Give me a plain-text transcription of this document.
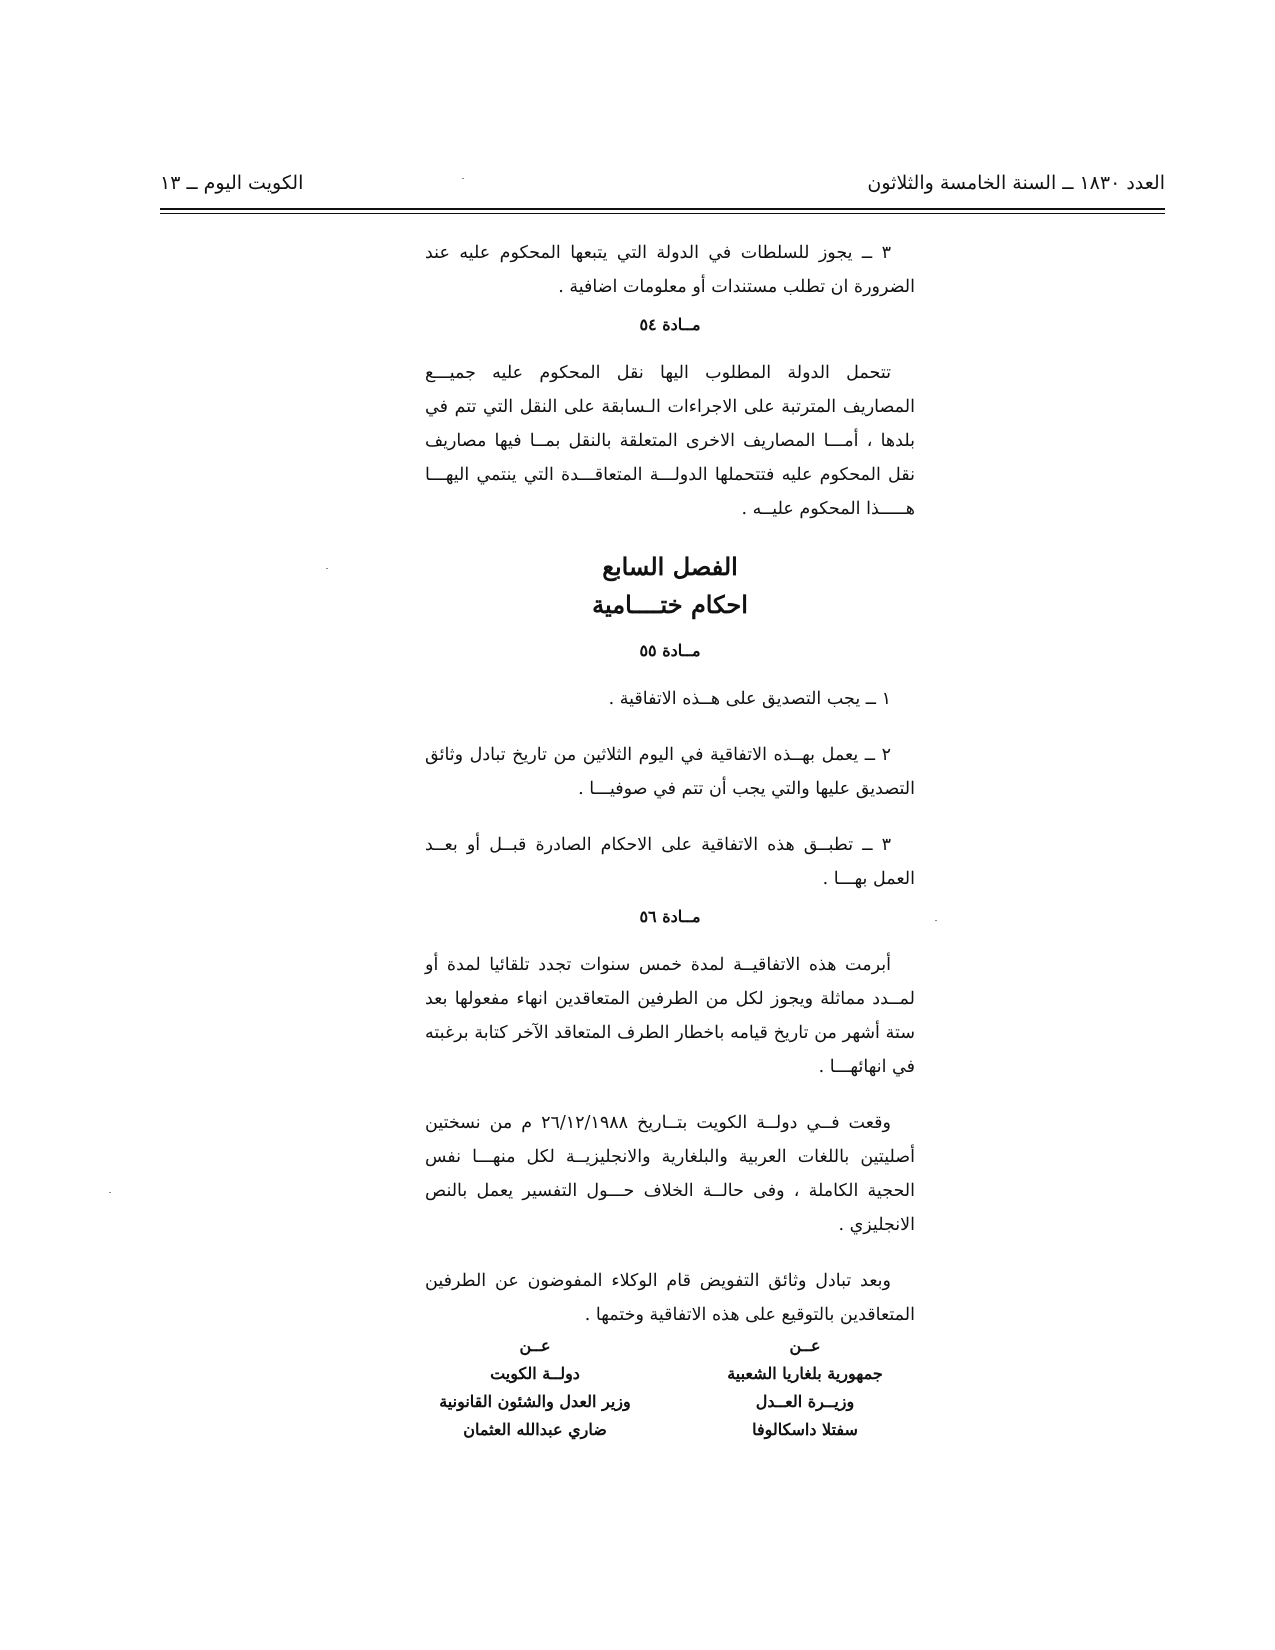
العدد ١٨٣٠ ــ السنة الخامسة والثلاثون
الكويت اليوم ــ ١٣

٣ ــ يجوز للسلطات في الدولة التي يتبعها المحكوم عليه عند الضرورة ان تطلب مستندات أو معلومات اضافية .

مــادة ٥٤

تتحمل الدولة المطلوب اليها نقل المحكوم عليه جميـــع المصاريف المترتبة على الاجراءات الـسابقة على النقل التي تتم في بلدها ، أمـــا المصاريف الاخرى المتعلقة بالنقل بمــا فيها مصاريف نقل المحكوم عليه فتتحملها الدولـــة المتعاقـــدة التي ينتمي اليهـــا هـــــذا المحكوم عليــه .

الفصل السابع

احكام ختــــامية

مــادة ٥٥

١ ــ يجب التصديق على هــذه الاتفاقية .

٢ ــ يعمل بهــذه الاتفاقية في اليوم الثلاثين من تاريخ تبادل وثائق التصديق عليها والتي يجب أن تتم في صوفيـــا .

٣ ــ تطبــق هذه الاتفاقية على الاحكام الصادرة قبــل أو بعــد العمل بهـــا .

مــادة ٥٦

أبرمت هذه الاتفاقيــة لمدة خمس سنوات تجدد تلقائيا لمدة أو لمــدد مماثلة ويجوز لكل من الطرفين المتعاقدين انهاء مفعولها بعد ستة أشهر من تاريخ قيامه باخطار الطرف المتعاقد الآخر كتابة برغبته في انهائهـــا .

وقعت فــي دولــة الكويت بتــاريخ ٢٦/١٢/١٩٨٨ م من نسختين أصليتين باللغات العربية والبلغارية والانجليزيــة لكل منهـــا نفس الحجية الكاملة ، وفى حالــة الخلاف حـــول التفسير يعمل بالنص الانجليزي .

وبعد تبادل وثائق التفويض قام الوكلاء المفوضون عن الطرفين المتعاقدين بالتوقيع على هذه الاتفاقية وختمها .

عــن
جمهورية بلغاريا الشعبية
وزيــرة العــدل
سفتلا داسكالوفا
عــن
دولــة الكويت
وزير العدل والشئون القانونية
ضاري عبدالله العثمان
